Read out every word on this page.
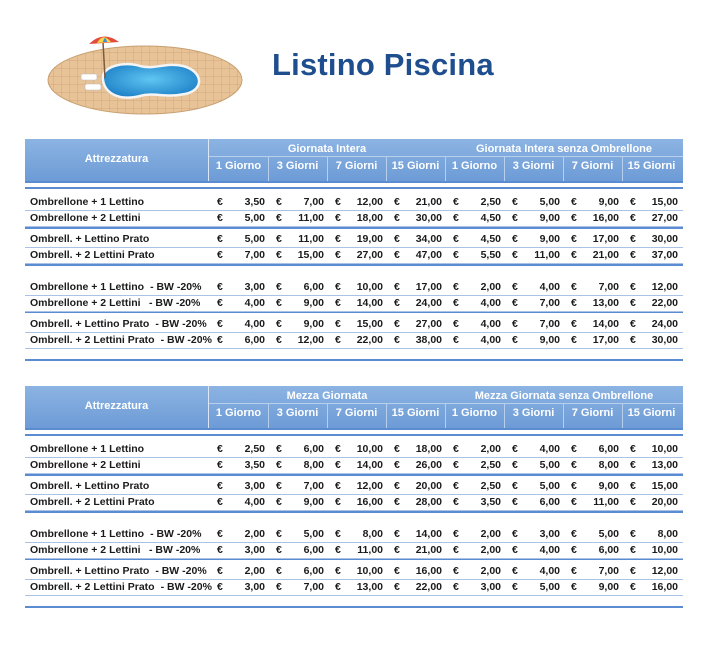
Listino Piscina
Attrezzatura
Giornata Intera	Giornata Intera senza Ombrellone
1 Giorno	3 Giorni	7 Giorni	15 Giorni	1 Giorno	3 Giorni	7 Giorni	15 Giorni
Ombrellone + 1 Lettino	€	3,50 €	7,00 €	12,00 €	21,00 €	2,50 €	5,00 €	9,00 €	15,00
Ombrellone + 2 Lettini	€	5,00 €	11,00 €	18,00 €	30,00 €	4,50 €	9,00 €	16,00 €	27,00
Ombrell. + Lettino Prato	€	5,00 €	11,00 €	19,00 €	34,00 €	4,50 €	9,00 €	17,00 €	30,00
Ombrell. + 2 Lettini Prato	€	7,00 €	15,00 €	27,00 €	47,00 €	5,50 €	11,00 €	21,00 €	37,00
Ombrellone + 1 Lettino - BW -20% €	3,00 €	6,00 €	10,00 €	17,00 €	2,00 €	4,00 €	7,00 €	12,00
Ombrellone + 2 Lettini - BW -20% €	4,00 €	9,00 €	14,00 €	24,00 €	4,00 €	7,00 €	13,00 €	22,00
Ombrell. + Lettino Prato - BW -20% €	4,00 €	9,00 €	15,00 €	27,00 €	4,00 €	7,00 €	14,00 €	24,00
Ombrell. + 2 Lettini Prato - BW -20% €	6,00 €	12,00 €	22,00 €	38,00 €	4,00 €	9,00 €	17,00 €	30,00
Attrezzatura
Mezza Giornata	Mezza Giornata senza Ombrellone
1 Giorno	3 Giorni	7 Giorni	15 Giorni	1 Giorno	3 Giorni	7 Giorni	15 Giorni
Ombrellone + 1 Lettino	€	2,50 €	6,00 €	10,00 €	18,00 €	2,00 €	4,00 €	6,00 €	10,00
Ombrellone + 2 Lettini	€	3,50 €	8,00 €	14,00 €	26,00 €	2,50 €	5,00 €	8,00 €	13,00
Ombrell. + Lettino Prato	€	3,00 €	7,00 €	12,00 €	20,00 €	2,50 €	5,00 €	9,00 €	15,00
Ombrell. + 2 Lettini Prato	€	4,00 €	9,00 €	16,00 €	28,00 €	3,50 €	6,00 €	11,00 €	20,00
Ombrellone + 1 Lettino - BW -20% €	2,00 €	5,00 €	8,00 €	14,00 €	2,00 €	3,00 €	5,00 €	8,00
Ombrellone + 2 Lettini - BW -20% €	3,00 €	6,00 €	11,00 €	21,00 €	2,00 €	4,00 €	6,00 €	10,00
Ombrell. + Lettino Prato - BW -20% €	2,00 €	6,00 €	10,00 €	16,00 €	2,00 €	4,00 €	7,00 €	12,00
Ombrell. + 2 Lettini Prato - BW -20% €	3,00 €	7,00 €	13,00 €	22,00 €	3,00 €	5,00 €	9,00 €	16,00
